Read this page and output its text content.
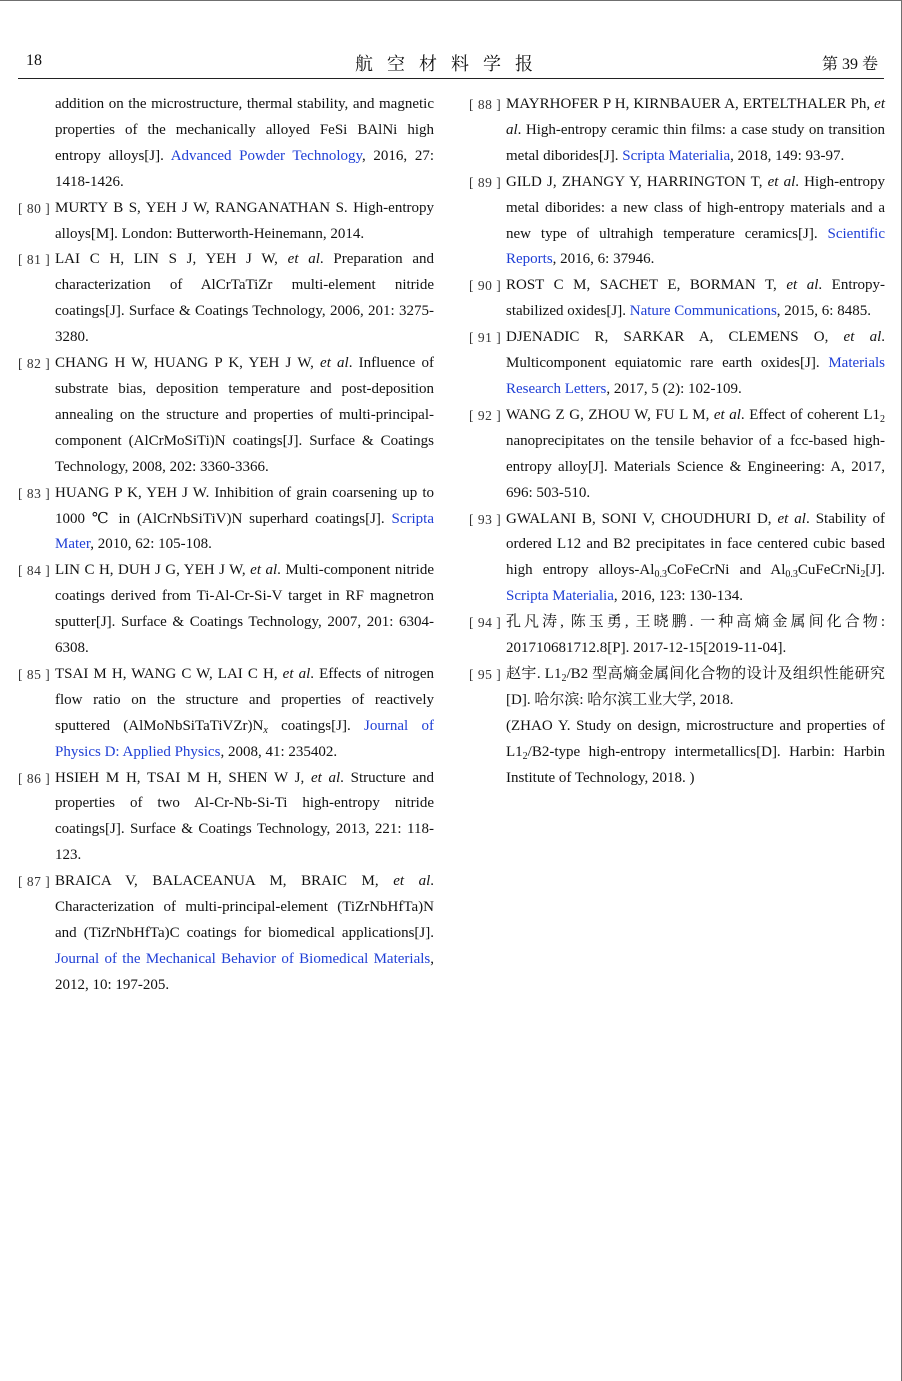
18	航空材料学报	第 39 卷

addition on the microstructure, thermal stability, and magnetic properties of the mechanically alloyed FeSi BAlNi high entropy alloys[J]. Advanced Powder Technology, 2016, 27: 1418-1426.

[ 80 ] MURTY B S, YEH J W, RANGANATHAN S. High-entropy alloys[M]. London: Butterworth-Heinemann, 2014.

[ 81 ] LAI C H, LIN S J, YEH J W, et al. Preparation and characterization of AlCrTaTiZr multi-element nitride coatings[J]. Surface & Coatings Technology, 2006, 201: 3275-3280.

[ 82 ] CHANG H W, HUANG P K, YEH J W, et al. Influence of substrate bias, deposition temperature and post-deposition annealing on the structure and properties of multi-principal-component (AlCrMoSiTi)N coatings[J]. Surface & Coatings Technology, 2008, 202: 3360-3366.

[ 83 ] HUANG P K, YEH J W. Inhibition of grain coarsening up to 1000 ℃ in (AlCrNbSiTiV)N superhard coatings[J]. Scripta Mater, 2010, 62: 105-108.

[ 84 ] LIN C H, DUH J G, YEH J W, et al. Multi-component nitride coatings derived from Ti-Al-Cr-Si-V target in RF magnetron sputter[J]. Surface & Coatings Technology, 2007, 201: 6304-6308.

[ 85 ] TSAI M H, WANG C W, LAI C H, et al. Effects of nitrogen flow ratio on the structure and properties of reactively sputtered $(AlMoNbSiTaTiVZr)N_x$ coatings[J]. Journal of Physics D: Applied Physics, 2008, 41: 235402.

[ 86 ] HSIEH M H, TSAI M H, SHEN W J, et al. Structure and properties of two Al-Cr-Nb-Si-Ti high-entropy nitride coatings[J]. Surface & Coatings Technology, 2013, 221: 118-123.

[ 87 ] BRAICA V, BALACEANUA M, BRAIC M, et al. Characterization of multi-principal-element (TiZrNbHfTa)N and (TiZrNbHfTa)C coatings for biomedical applications[J]. Journal of the Mechanical Behavior of Biomedical Materials, 2012, 10: 197-205.

[ 88 ] MAYRHOFER P H, KIRNBAUER A, ERTELTHALER Ph, et al. High-entropy ceramic thin films: a case study on transition metal diborides[J]. Scripta Materialia, 2018, 149: 93-97.

[ 89 ] GILD J, ZHANGY Y, HARRINGTON T, et al. High-entropy metal diborides: a new class of high-entropy materials and a new type of ultrahigh temperature ceramics[J]. Scientific Reports, 2016, 6: 37946.

[ 90 ] ROST C M, SACHET E, BORMAN T, et al. Entropy-stabilized oxides[J]. Nature Communications, 2015, 6: 8485.

[ 91 ] DJENADIC R, SARKAR A, CLEMENS O, et al. Multicomponent equiatomic rare earth oxides[J]. Materials Research Letters, 2017, 5 (2): 102-109.

[ 92 ] WANG Z G, ZHOU W, FU L M, et al. Effect of coherent $L1_2$ nanoprecipitates on the tensile behavior of a fcc-based high-entropy alloy[J]. Materials Science & Engineering: A, 2017, 696: 503-510.

[ 93 ] GWALANI B, SONI V, CHOUDHURI D, et al. Stability of ordered L12 and B2 precipitates in face centered cubic based high entropy alloys-$Al_{0.3}CoFeCrNi$ and $Al_{0.3}CuFeCrNi_2[J]$. Scripta Materialia, 2016, 123: 130-134.

[ 94 ] 孔凡涛, 陈玉勇, 王晓鹏. 一种高熵金属间化合物: 201710681712.8[P]. 2017-12-15[2019-11-04].

[ 95 ] 赵宇. $L1_2/B2$ 型高熵金属间化合物的设计及组织性能研究 [D]. 哈尔滨: 哈尔滨工业大学, 2018.

(ZHAO Y. Study on design, microstructure and properties of $L1_2/B2$-type high-entropy intermetallics[D]. Harbin: Harbin Institute of Technology, 2018. )
